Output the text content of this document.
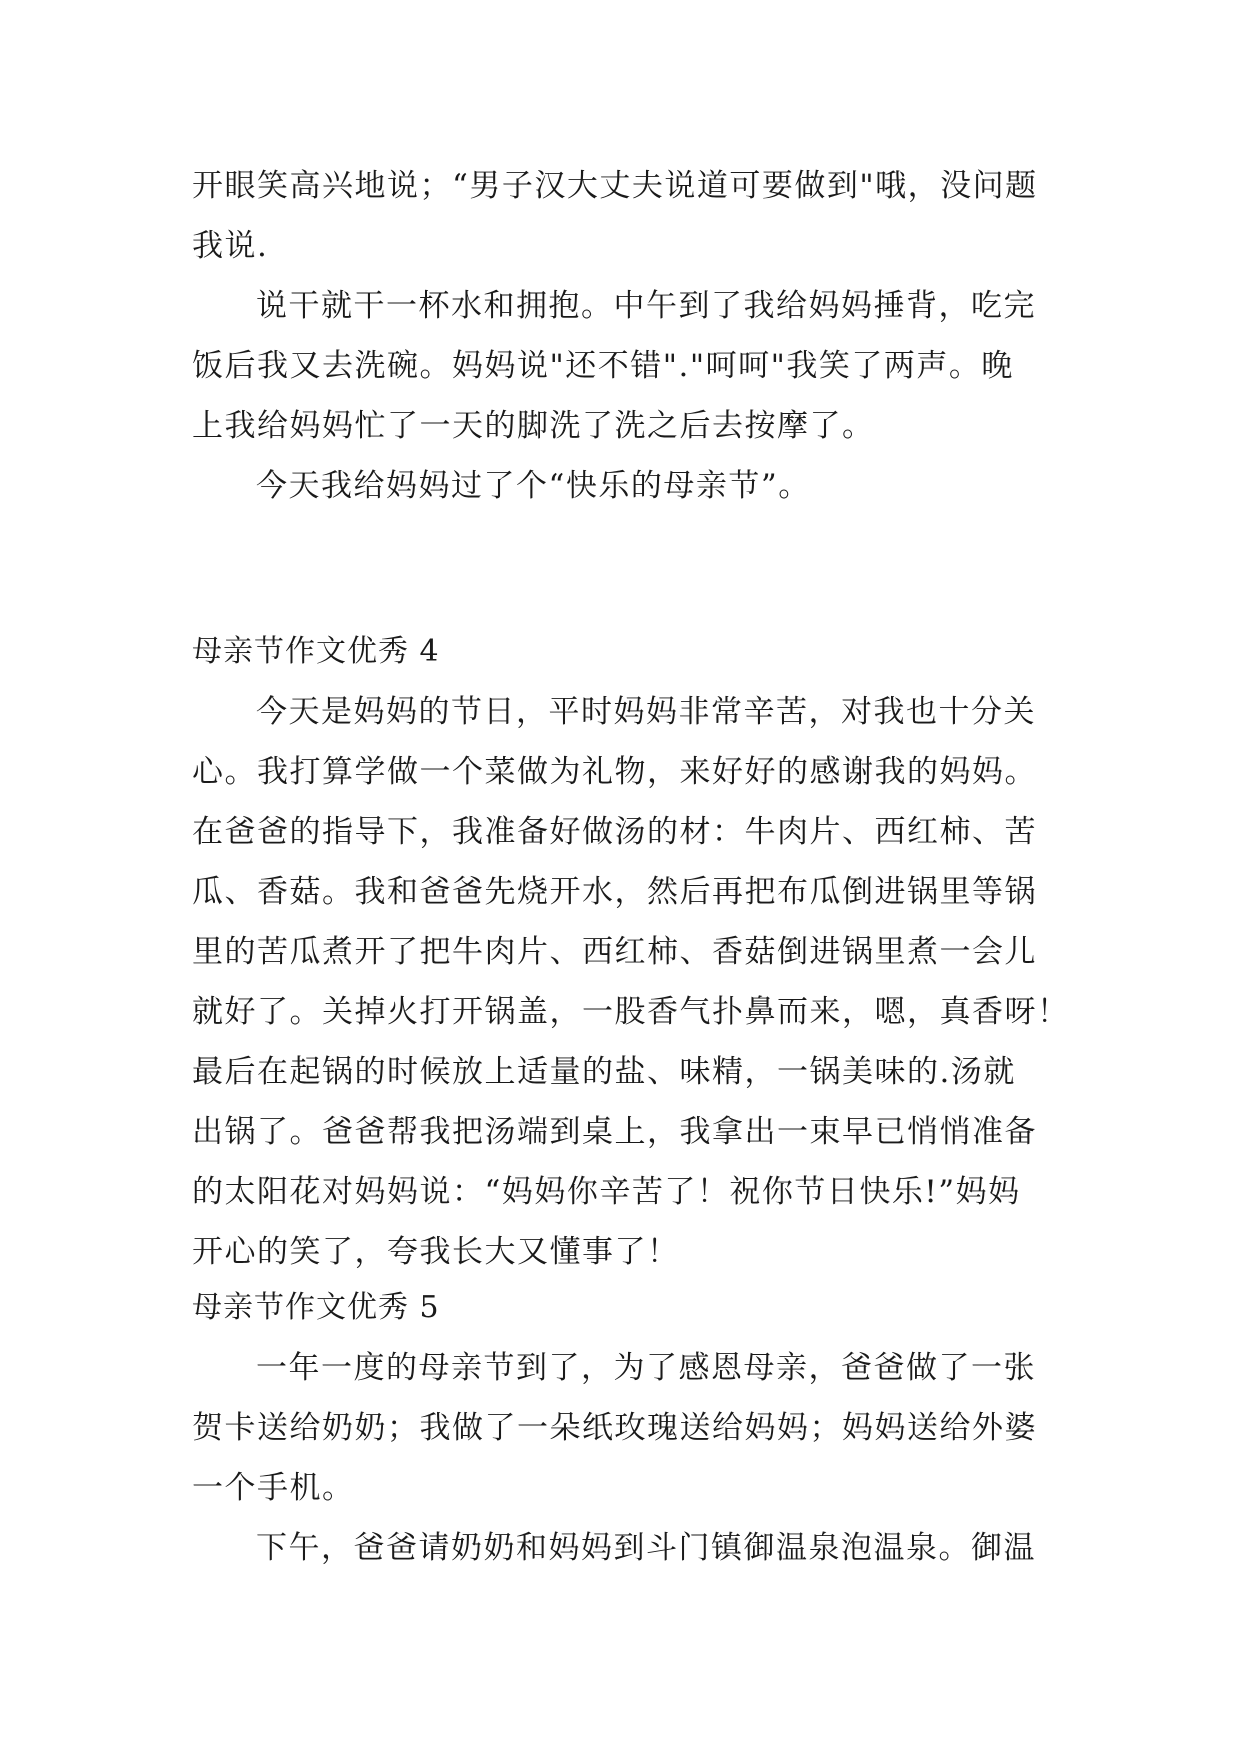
开眼笑高兴地说；“男子汉大丈夫说道可要做到"哦，没问题
我说.
说干就干一杯水和拥抱。中午到了我给妈妈捶背，吃完
饭后我又去洗碗。妈妈说"还不错"."呵呵"我笑了两声。晚
上我给妈妈忙了一天的脚洗了洗之后去按摩了。
今天我给妈妈过了个“快乐的母亲节”。
母亲节作文优秀 4
今天是妈妈的节日，平时妈妈非常辛苦，对我也十分关
心。我打算学做一个菜做为礼物，来好好的感谢我的妈妈。
在爸爸的指导下，我准备好做汤的材：牛肉片、西红柿、苦
瓜、香菇。我和爸爸先烧开水，然后再把布瓜倒进锅里等锅
里的苦瓜煮开了把牛肉片、西红柿、香菇倒进锅里煮一会儿
就好了。关掉火打开锅盖，一股香气扑鼻而来，嗯，真香呀！
最后在起锅的时候放上适量的盐、味精，一锅美味的.汤就
出锅了。爸爸帮我把汤端到桌上，我拿出一束早已悄悄准备
的太阳花对妈妈说：“妈妈你辛苦了！祝你节日快乐!”妈妈
开心的笑了，夸我长大又懂事了！
母亲节作文优秀 5
一年一度的母亲节到了，为了感恩母亲，爸爸做了一张
贺卡送给奶奶；我做了一朵纸玫瑰送给妈妈；妈妈送给外婆
一个手机。
下午，爸爸请奶奶和妈妈到斗门镇御温泉泡温泉。御温
